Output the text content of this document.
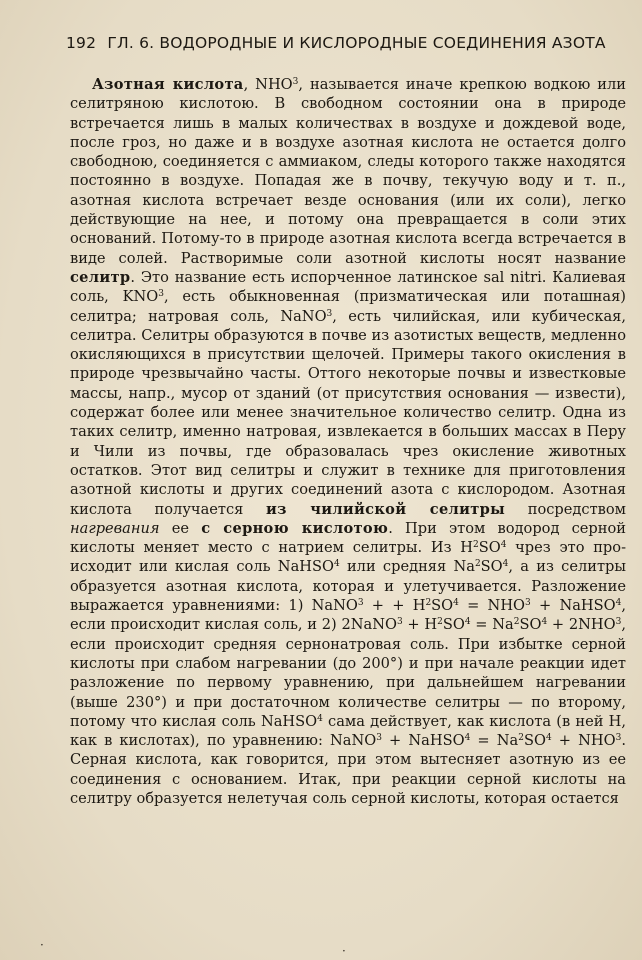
192 ГЛ. 6. ВОДОРОДНЫЕ И КИСЛОРОДНЫЕ СОЕДИНЕНИЯ АЗОТА
Азотная кислота, NHO$^3$, называется иначе крепкою водкою или селитряною кислотою. В свободном состоянии она в природе встречается лишь в малых количествах в воздухе и дождевой воде, после гроз, но даже и в воздухе азотная кислота не остается долго свободною, соединяется с аммиаком, следы которого также находятся постоянно в воздухе. Попадая же в почву, текучую воду и т. п., азотная кислота встречает везде основания (или их соли), легко действующие на нее, и потому она превращается в соли этих оснований. Потому-то в природе азотная кислота всегда встречается в виде солей. Растворимые соли азотной кислоты носят название селитр. Это название есть испорченное латинское sal nitri. Калиевая соль, KNO$^3$, есть обыкновенная (призматическая или поташная) селитра; натровая соль, NaNO$^3$, есть чилийская, или кубическая, селитра. Селитры образуются в почве из азотистых веществ, медленно окисляющихся в присутствии щелочей. Примеры такого окисления в природе чрезвычайно часты. Оттого некоторые почвы и известковые массы, напр., мусор от зданий (от присутствия основания — извести), содержат более или менее значительное количество селитр. Одна из таких селитр, именно натровая, извлекается в больших массах в Перу и Чили из почвы, где образовалась чрез окисление животных остатков. Этот вид селитры и служит в технике для приготовления азотной кислоты и других соединений азота с кислородом. Азотная кислота получается из чилийской селитры посредством нагревания ее с серною кислотою. При этом водород серной кислоты меняет место с натрием селитры. Из $H^2SO^4$ чрез это происходит или кислая соль NaHSO$^4$ или средняя $Na^2SO^4$, а из селитры образуется азотная кислота, которая и улетучивается. Разложение выражается уравнениями: 1) NaNO$^3$ + + $H^2SO^4 = NHO^3$ + NaHSO$^4$, если происходит кислая соль, и 2) 2NaNO$^3$ + $H^2SO^4 = Na^2SO^4 + 2NHO^3$, если происходит средняя сернонатровая соль. При избытке серной кислоты при слабом нагревании (до 200°) и при начале реакции идет разложение по первому уравнению, при дальнейшем нагревании (выше 230°) и при достаточном количестве селитры — по второму, потому что кислая соль NaHSO$^4$ сама действует, как кислота (в ней H, как в кислотах), по уравнению: NaNO$^3$ + NaHSO$^4$ = $Na^2SO^4 + NHO^3$. Серная кислота, как говорится, при этом вытесняет азотную из ее соединения с основанием. Итак, при реакции серной кислоты на селитру образуется нелетучая соль серной кислоты, которая остается
·	·
